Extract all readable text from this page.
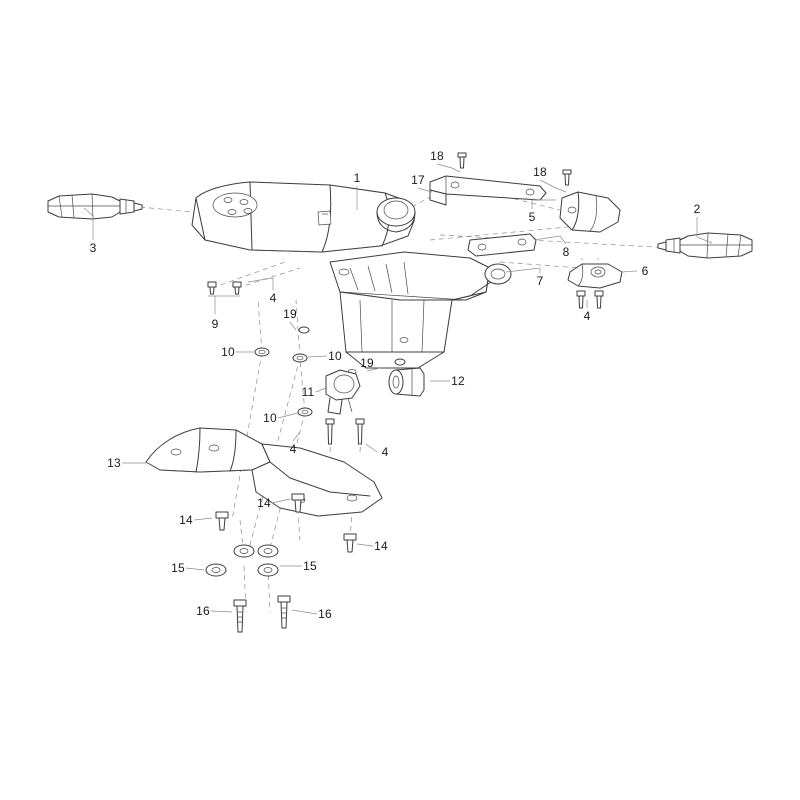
1
2
3
4
4
4	4
5
6
7
8
9
10	10
10
11
12
13
14
14
14
15	15
16	16
17
18
18
19
19
